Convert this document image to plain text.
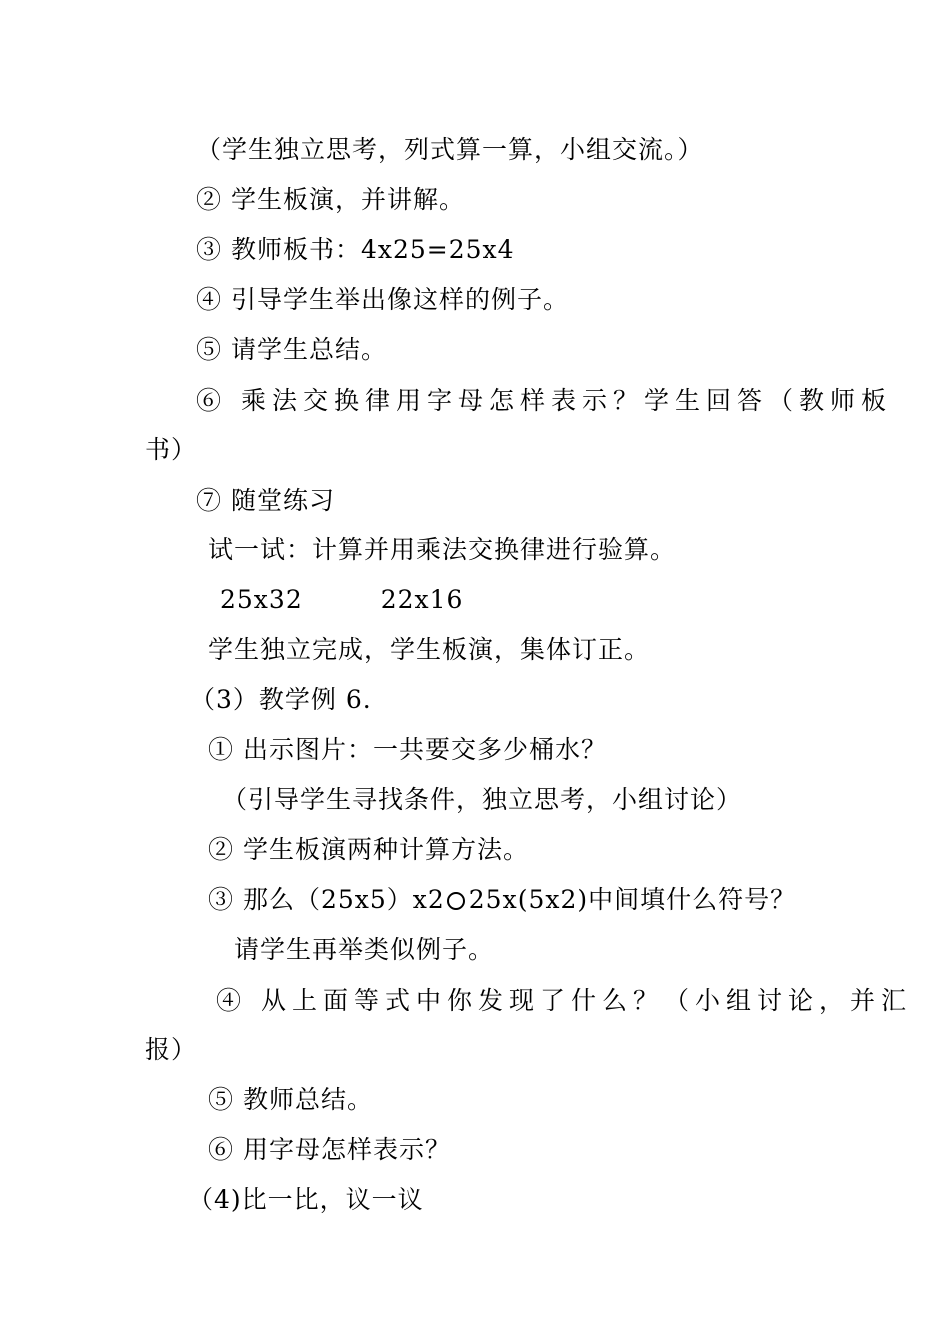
（学生独立思考，列式算一算，小组交流。）
② 学生板演，并讲解。
③ 教师板书：4x25=25x4
④ 引导学生举出像这样的例子。
⑤ 请学生总结。
⑥ 乘法交换律用字母怎样表示？学生回答（教师板
书）
⑦ 随堂练习
试一试：计算并用乘法交换律进行验算。
25x32	22x16
学生独立完成，学生板演，集体订正。
（3）教学例 6.
① 出示图片：一共要交多少桶水？
（引导学生寻找条件，独立思考，小组讨论）
② 学生板演两种计算方法。
③ 那么（25x5）x2 25x(5x2)中间填什么符号？
请学生再举类似例子。
④ 从上面等式中你发现了什么？（小组讨论，并汇
报）
⑤ 教师总结。
⑥ 用字母怎样表示？
（4)比一比，议一议
